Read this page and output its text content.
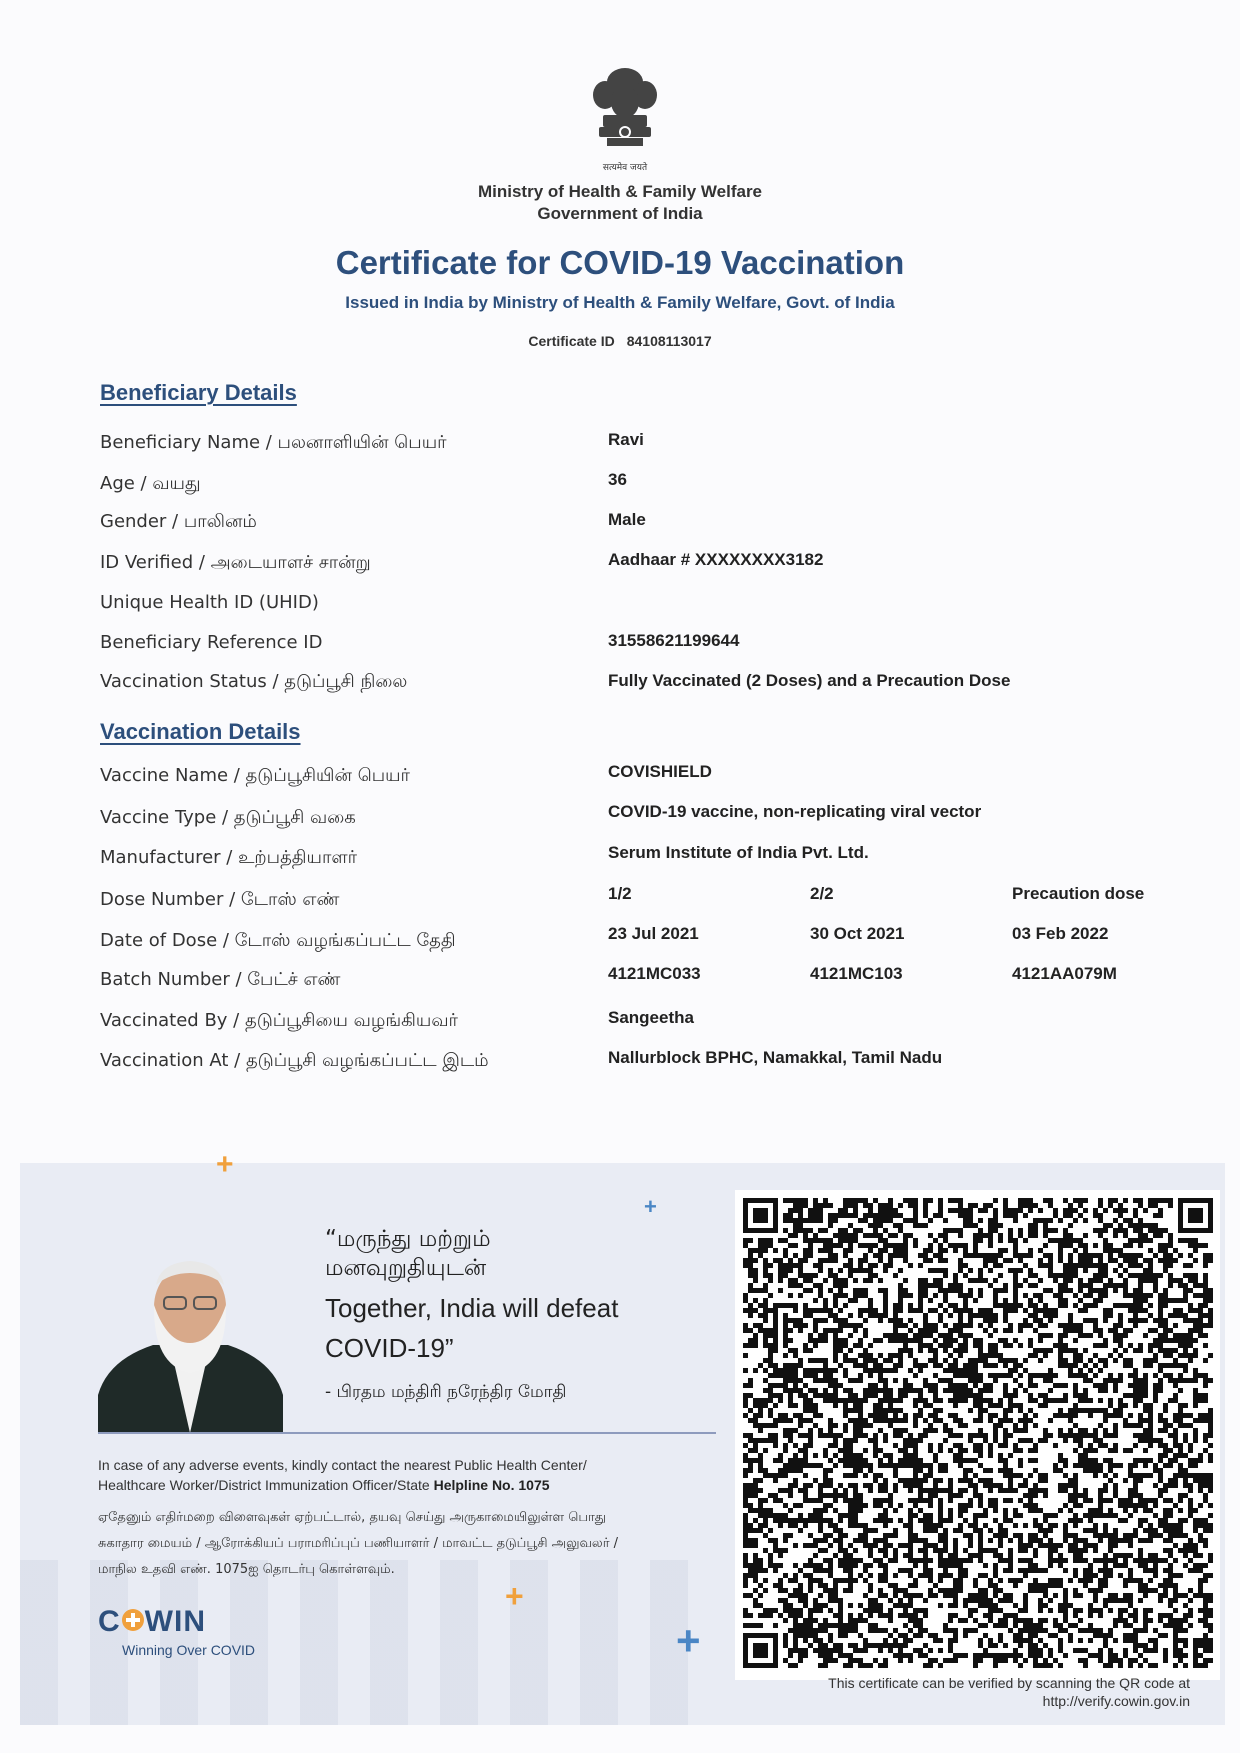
सत्यमेव जयते
Ministry of Health & Family Welfare
Government of India
Certificate for COVID-19 Vaccination
Issued in India by Ministry of Health & Family Welfare, Govt. of India
Certificate ID 84108113017
Beneficiary Details
Beneficiary Name / பலனாளியின் பெயர்	Ravi
Age / வயது	36
Gender / பாலினம்	Male
ID Verified / அடையாளச் சான்று	Aadhaar # XXXXXXXX3182
Unique Health ID (UHID)
Beneficiary Reference ID	31558621199644
Vaccination Status / தடுப்பூசி நிலை	Fully Vaccinated (2 Doses) and a Precaution Dose
Vaccination Details
Vaccine Name / தடுப்பூசியின் பெயர்	COVISHIELD
Vaccine Type / தடுப்பூசி வகை	COVID-19 vaccine, non-replicating viral vector
Manufacturer / உற்பத்தியாளர்	Serum Institute of India Pvt. Ltd.
Dose Number / டோஸ் எண்	1/2	2/2	Precaution dose
Date of Dose / டோஸ் வழங்கப்பட்ட தேதி	23 Jul 2021	30 Oct 2021	03 Feb 2022
Batch Number / பேட்ச் எண்	4121MC033	4121MC103	4121AA079M
Vaccinated By / தடுப்பூசியை வழங்கியவர்	Sangeetha
Vaccination At / தடுப்பூசி வழங்கப்பட்ட இடம்	Nallurblock BPHC, Namakkal, Tamil Nadu
+
+
+
+
“மருந்து மற்றும்
மனவுறுதியுடன்
Together, India will defeat
COVID-19”
- பிரதம மந்திரி நரேந்திர மோதி
In case of any adverse events, kindly contact the nearest Public Health Center/
Healthcare Worker/District Immunization Officer/State Helpline No. 1075
ஏதேனும் எதிர்மறை விளைவுகள் ஏற்பட்டால், தயவு செய்து அருகாமையிலுள்ள பொது
சுகாதார மையம் / ஆரோக்கியப் பராமரிப்புப் பணியாளர் / மாவட்ட தடுப்பூசி அலுவலர் /
மாநில உதவி எண். 1075ஐ தொடர்பு கொள்ளவும்.
C WIN
Winning Over COVID
This certificate can be verified by scanning the QR code at
http://verify.cowin.gov.in
